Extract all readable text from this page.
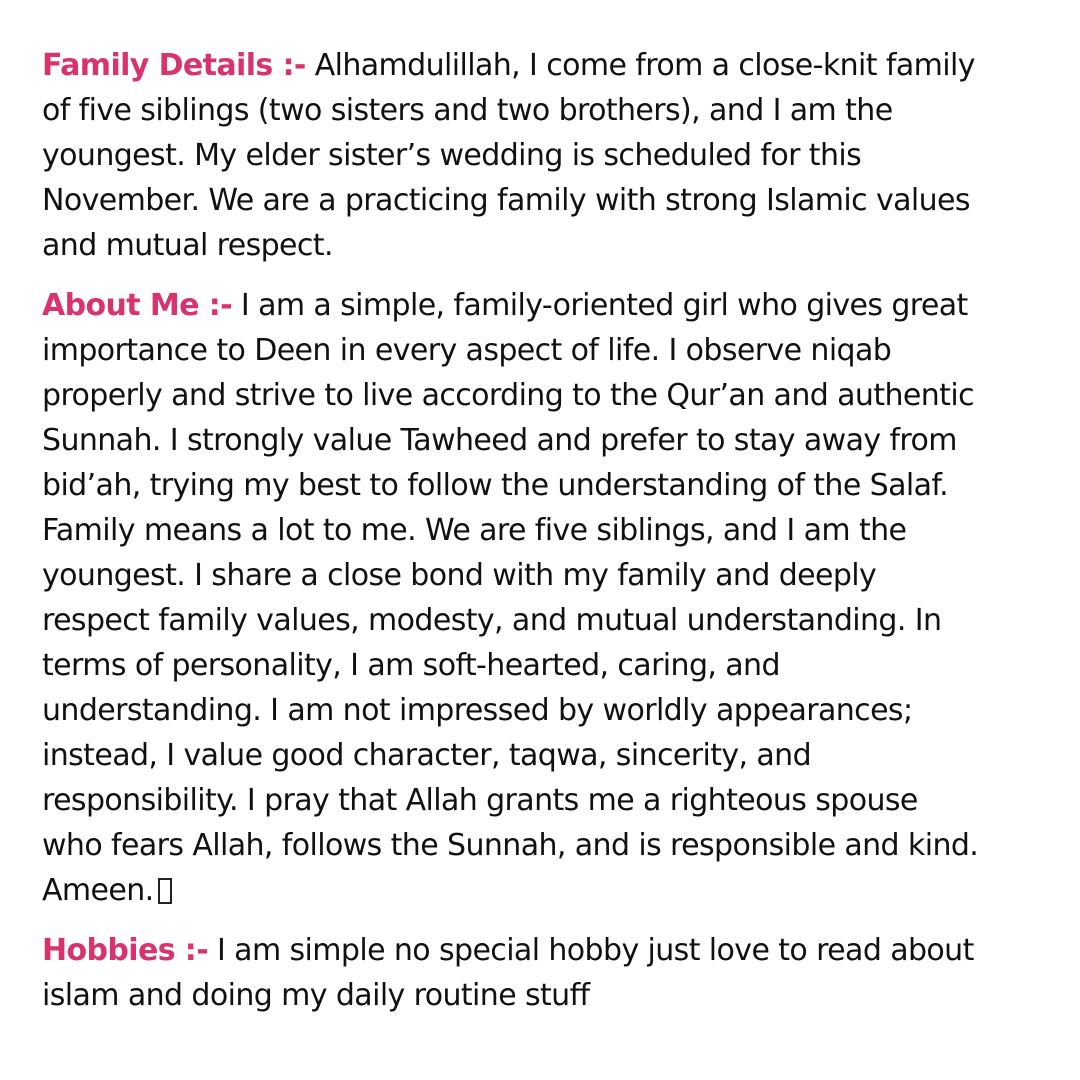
Family Details :- Alhamdulillah, I come from a close-knit family
of five siblings (two sisters and two brothers), and I am the
youngest. My elder sister’s wedding is scheduled for this
November. We are a practicing family with strong Islamic values
and mutual respect.

About Me :- I am a simple, family-oriented girl who gives great
importance to Deen in every aspect of life. I observe niqab
properly and strive to live according to the Qur’an and authentic
Sunnah. I strongly value Tawheed and prefer to stay away from
bid’ah, trying my best to follow the understanding of the Salaf.
Family means a lot to me. We are five siblings, and I am the
youngest. I share a close bond with my family and deeply
respect family values, modesty, and mutual understanding. In
terms of personality, I am soft-hearted, caring, and
understanding. I am not impressed by worldly appearances;
instead, I value good character, taqwa, sincerity, and
responsibility. I pray that Allah grants me a righteous spouse
who fears Allah, follows the Sunnah, and is responsible and kind.
Ameen.

Hobbies :- I am simple no special hobby just love to read about
islam and doing my daily routine stuff
